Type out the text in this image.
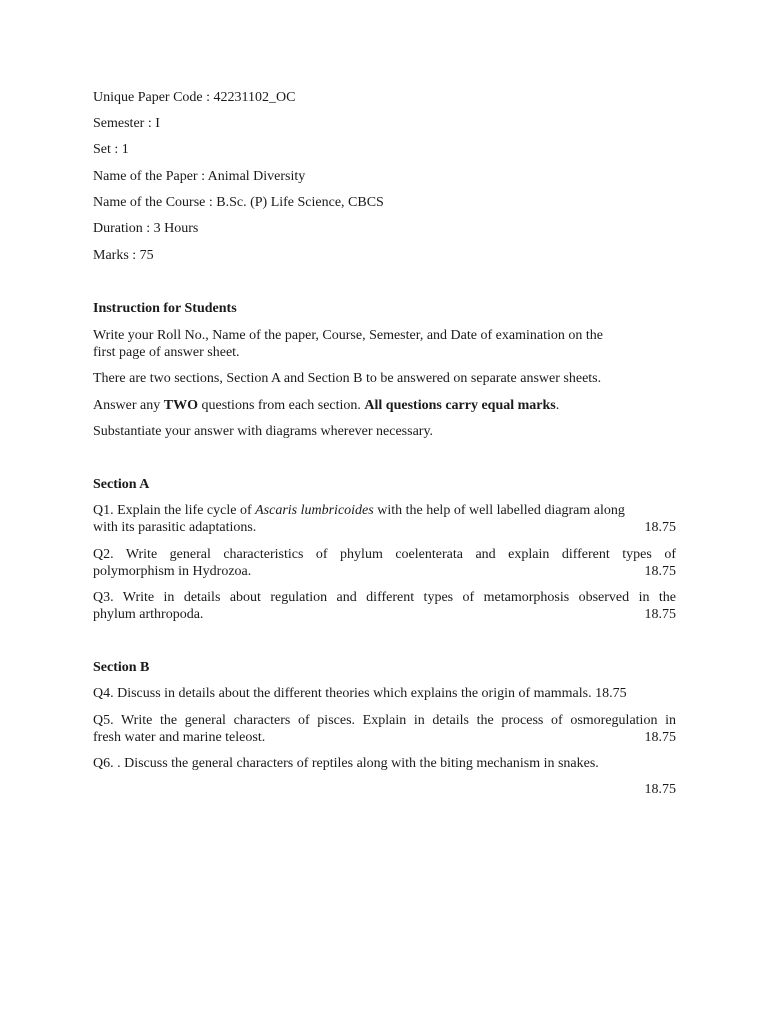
Unique Paper Code : 42231102_OC
Semester : I
Set : 1
Name of the Paper : Animal Diversity
Name of the Course : B.Sc. (P) Life Science, CBCS
Duration : 3 Hours
Marks : 75
Instruction for Students
Write your Roll No., Name of the paper, Course, Semester, and Date of examination on the
first page of answer sheet.
There are two sections, Section A and Section B to be answered on separate answer sheets.
Answer any TWO questions from each section. All questions carry equal marks.
Substantiate your answer with diagrams wherever necessary.
Section A
Q1. Explain the life cycle of Ascaris lumbricoides with the help of well labelled diagram along
with its parasitic adaptations.	18.75
Q2. Write general characteristics of phylum coelenterata and explain different types of
polymorphism in Hydrozoa.	18.75
Q3. Write in details about regulation and different types of metamorphosis observed in the
phylum arthropoda.	18.75
Section B
Q4. Discuss in details about the different theories which explains the origin of mammals. 18.75
Q5. Write the general characters of pisces. Explain in details the process of osmoregulation in
fresh water and marine teleost.	18.75
Q6. . Discuss the general characters of reptiles along with the biting mechanism in snakes.
18.75
